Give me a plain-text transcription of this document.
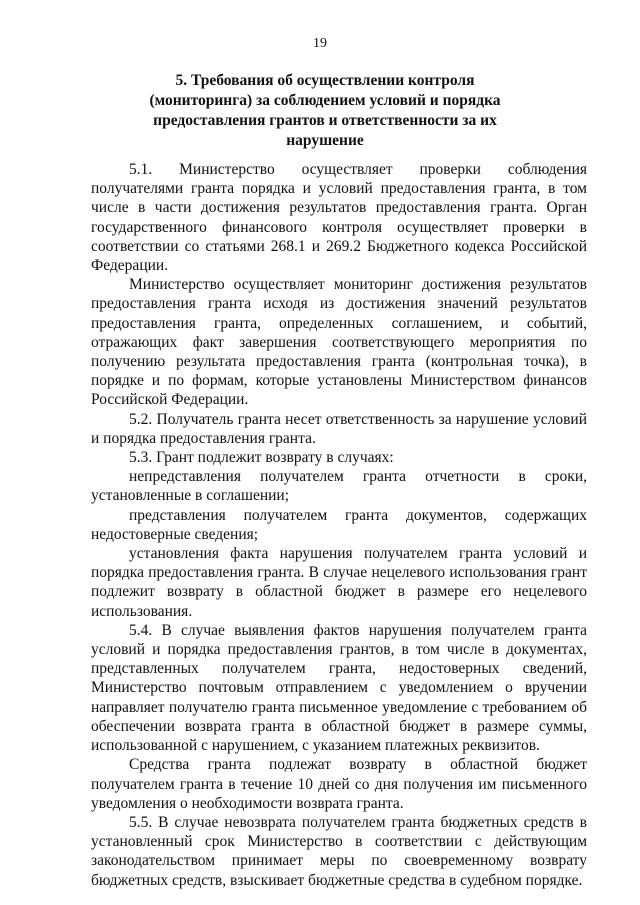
19
5. Требования об осуществлении контроля
(мониторинга) за соблюдением условий и порядка
предоставления грантов и ответственности за их
нарушение

5.1. Министерство осуществляет проверки соблюдения получателями гранта порядка и условий предоставления гранта, в том числе в части достижения результатов предоставления гранта. Орган государственного финансового контроля осуществляет проверки в соответствии со статьями 268.1 и 269.2 Бюджетного кодекса Российской Федерации.

Министерство осуществляет мониторинг достижения результатов предоставления гранта исходя из достижения значений результатов предоставления гранта, определенных соглашением, и событий, отражающих факт завершения соответствующего мероприятия по получению результата предоставления гранта (контрольная точка), в порядке и по формам, которые установлены Министерством финансов Российской Федерации.

5.2. Получатель гранта несет ответственность за нарушение условий и порядка предоставления гранта.

5.3. Грант подлежит возврату в случаях:

непредставления получателем гранта отчетности в сроки, установленные в соглашении;

представления получателем гранта документов, содержащих недостоверные сведения;

установления факта нарушения получателем гранта условий и порядка предоставления гранта. В случае нецелевого использования грант подлежит возврату в областной бюджет в размере его нецелевого использования.

5.4. В случае выявления фактов нарушения получателем гранта условий и порядка предоставления грантов, в том числе в документах, представленных получателем гранта, недостоверных сведений, Министерство почтовым отправлением с уведомлением о вручении направляет получателю гранта письменное уведомление с требованием об обеспечении возврата гранта в областной бюджет в размере суммы, использованной с нарушением, с указанием платежных реквизитов.

Средства гранта подлежат возврату в областной бюджет получателем гранта в течение 10 дней со дня получения им письменного уведомления о необходимости возврата гранта.

5.5. В случае невозврата получателем гранта бюджетных средств в установленный срок Министерство в соответствии с действующим законодательством принимает меры по своевременному возврату бюджетных средств, взыскивает бюджетные средства в судебном порядке.
